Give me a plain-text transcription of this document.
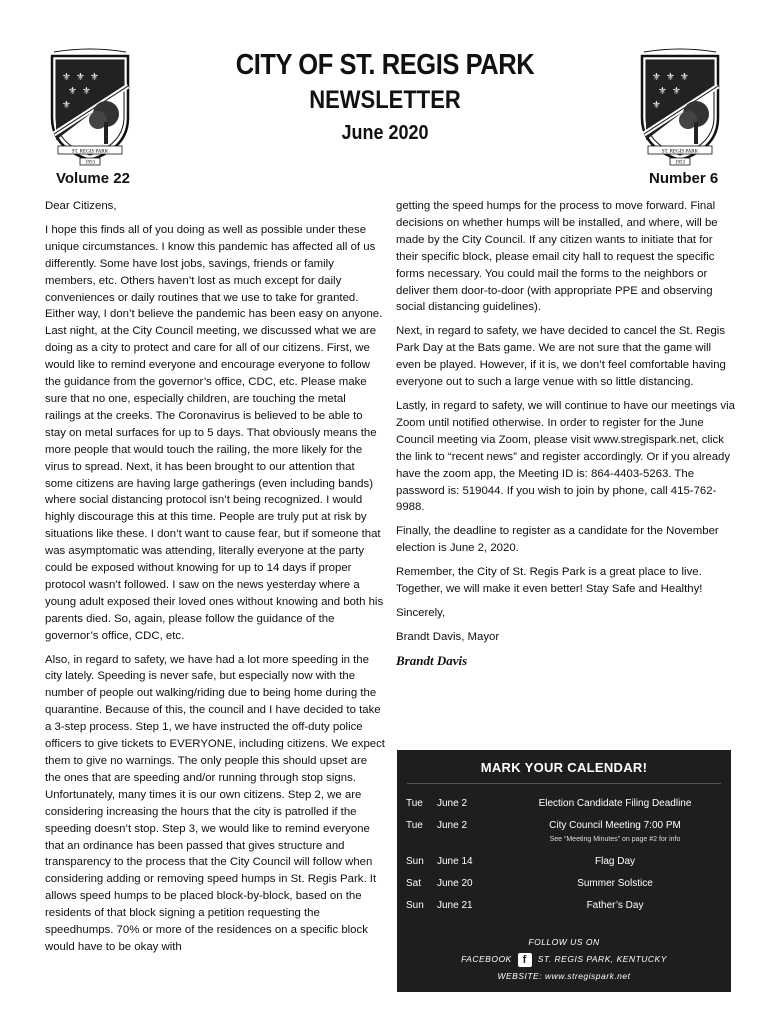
⚜ ⚜ ⚜
⚜ ⚜
⚜
ST. REGIS PARK
1953
⚜ ⚜ ⚜
⚜ ⚜
⚜
ST. REGIS PARK
1953
CITY OF ST. REGIS PARK
NEWSLETTER
June 2020
Volume 22	Number 6

Dear Citizens,

I hope this finds all of you doing as well as possible under these unique circumstances. I know this pandemic has affected all of us differently. Some have lost jobs, savings, friends or family members, etc. Others haven’t lost as much except for daily conveniences or daily routines that we use to take for granted. Either way, I don’t believe the pandemic has been easy on anyone. Last night, at the City Council meeting, we discussed what we are doing as a city to protect and care for all of our citizens. First, we would like to remind everyone and encourage everyone to follow the guidance from the governor’s office, CDC, etc. Please make sure that no one, especially children, are touching the metal railings at the creeks. The Coronavirus is believed to be able to stay on metal surfaces for up to 5 days. That obviously means the more people that would touch the railing, the more likely for the virus to spread. Next, it has been brought to our attention that some citizens are having large gatherings (even including bands) where social distancing protocol isn’t being recognized. I would highly discourage this at this time. People are truly put at risk by situations like these. I don’t want to cause fear, but if someone that was asymptomatic was attending, literally everyone at the party could be exposed without knowing for up to 14 days if proper protocol wasn’t followed. I saw on the news yesterday where a young adult exposed their loved ones without knowing and both his parents died. So, again, please follow the guidance of the governor’s office, CDC, etc.

Also, in regard to safety, we have had a lot more speeding in the city lately. Speeding is never safe, but especially now with the number of people out walking/riding due to being home during the quarantine. Because of this, the council and I have decided to take a 3-step process. Step 1, we have instructed the off-duty police officers to give tickets to EVERYONE, including citizens. We expect them to give no warnings. The only people this should upset are the ones that are speeding and/or running through stop signs. Unfortunately, many times it is our own citizens. Step 2, we are considering increasing the hours that the city is patrolled if the speeding doesn’t stop. Step 3, we would like to remind everyone that an ordinance has been passed that gives structure and transparency to the process that the City Council will follow when considering adding or removing speed humps in St. Regis Park. It allows speed humps to be placed block-by-block, based on the residents of that block signing a petition requesting the speedhumps. 70% or more of the residences on a specific block would have to be okay with

getting the speed humps for the process to move forward. Final decisions on whether humps will be installed, and where, will be made by the City Council. If any citizen wants to initiate that for their specific block, please email city hall to request the specific forms necessary. You could mail the forms to the neighbors or deliver them door-to-door (with appropriate PPE and observing social distancing guidelines).

Next, in regard to safety, we have decided to cancel the St. Regis Park Day at the Bats game. We are not sure that the game will even be played. However, if it is, we don’t feel comfortable having everyone out to such a large venue with so little distancing.

Lastly, in regard to safety, we will continue to have our meetings via Zoom until notified otherwise. In order to register for the June Council meeting via Zoom, please visit www.stregispark.net, click the link to “recent news” and register accordingly. Or if you already have the zoom app, the Meeting ID is: 864-4403-5263. The password is: 519044. If you wish to join by phone, call 415-762-9988.

Finally, the deadline to register as a candidate for the November election is June 2, 2020.

Remember, the City of St. Regis Park is a great place to live. Together, we will make it even better! Stay Safe and Healthy!

Sincerely,

Brandt Davis, Mayor

Brandt Davis
MARK YOUR CALENDAR!
Tue June 2	Election Candidate Filing Deadline
Tue June 2	City Council Meeting 7:00 PM
See “Meeting Minutes” on page #2 for info
Sun June 14	Flag Day
Sat June 20	Summer Solstice
Sun June 21	Father’s Day
FOLLOW US ON
FACEBOOK f	ST. REGIS PARK, KENTUCKY
WEBSITE: www.stregispark.net
